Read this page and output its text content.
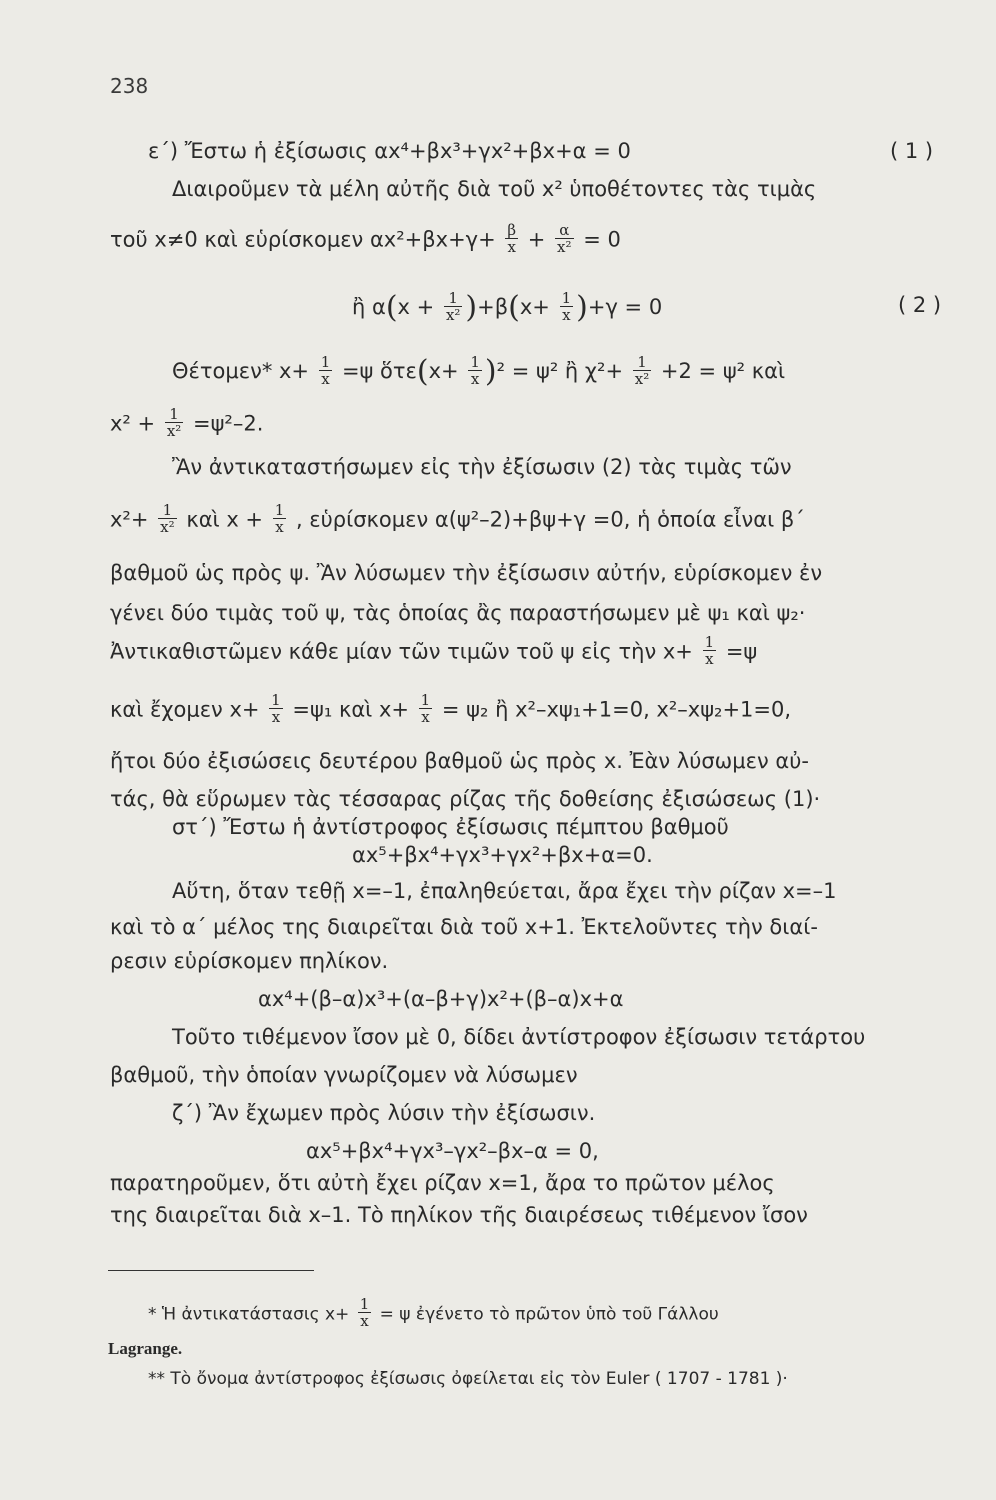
238
ε΄) Ἔστω ἡ ἐξίσωσις αx⁴+βx³+γx²+βx+α = 0	( 1 )
Διαιροῦμεν τὰ μέλη αὐτῆς διὰ τοῦ x² ὑποθέτοντες τὰς τιμὰς
τοῦ x≠0 καὶ εὑρίσκομεν $\alpha x^2+\beta x+\gamma+ \frac{\beta}{x} + \frac{\alpha}{\text{x²}} = 0$
ἢ $\alpha(x + \frac{1}{\text{x²}} )+\beta(x+ \frac{1}{x} )+\gamma = 0$	( 2 )
Θέτομεν* $x+ \frac{1}{x} =\psi$ ὅτε(x+ $\frac{1}{x} )^2 = \psi^2$ ἢ $\chi^2+ \frac{1}{\text{x²}} +2 = \psi^2$ καὶ
$x^2 + \frac{1}{\text{x²}} =\psi^2-2$.
Ἂν ἀντικαταστήσωμεν εἰς τὴν ἐξίσωσιν (2) τὰς τιμὰς τῶν
$x^2+ \frac{1}{\text{x²}}$ καὶ $x + \frac{1}{x}$ , εὑρίσκομεν α(ψ²–2)+βψ+γ =0, ἡ ὁποία εἶναι β΄
βαθμοῦ ὡς πρὸς ψ. Ἂν λύσωμεν τὴν ἐξίσωσιν αὐτήν, εὑρίσκομεν ἐν
γένει δύο τιμὰς τοῦ ψ, τὰς ὁποίας ἂς παραστήσωμεν μὲ ψ₁ καὶ ψ₂·
Ἀντικαθιστῶμεν κάθε μίαν τῶν τιμῶν τοῦ ψ εἰς τὴν $x+ \frac{1}{x} =\psi$
καὶ ἔχομεν $x+ \frac{1}{x} =\psi_1$ καὶ $x+ \frac{1}{x} = \psi_2$ ἢ x²–xψ₁+1=0, x²–xψ₂+1=0,
ἤτοι δύο ἐξισώσεις δευτέρου βαθμοῦ ὡς πρὸς x. Ἐὰν λύσωμεν αὐ-
τάς, θὰ εὕρωμεν τὰς τέσσαρας ρίζας τῆς δοθείσης ἐξισώσεως (1)·
στ΄) Ἔστω ἡ ἀντίστροφος ἐξίσωσις πέμπτου βαθμοῦ
αx⁵+βx⁴+γx³+γx²+βx+α=0.
Αὕτη, ὅταν τεθῇ x=–1, ἐπαληθεύεται, ἄρα ἔχει τὴν ρίζαν x=–1
καὶ τὸ α΄ μέλος της διαιρεῖται διὰ τοῦ x+1. Ἐκτελοῦντες τὴν διαί-
ρεσιν εὑρίσκομεν πηλίκον.
αx⁴+(β–α)x³+(α–β+γ)x²+(β–α)x+α
Τοῦτο τιθέμενον ἴσον μὲ 0, δίδει ἀντίστροφον ἐξίσωσιν τετάρτου
βαθμοῦ, τὴν ὁποίαν γνωρίζομεν νὰ λύσωμεν
ζ΄) Ἂν ἔχωμεν πρὸς λύσιν τὴν ἐξίσωσιν.
αx⁵+βx⁴+γx³–γx²–βx–α = 0,
παρατηροῦμεν, ὅτι αὐτὴ ἔχει ρίζαν x=1, ἄρα το πρῶτον μέλος
της διαιρεῖται διὰ x–1. Τὸ πηλίκον τῆς διαιρέσεως τιθέμενον ἴσον
* Ἡ ἀντικατάστασις $x+ \frac{1}{x} = \psi$ ἐγένετο τὸ πρῶτον ὑπὸ τοῦ Γάλλου
Lagrange.
** Τὸ ὄνομα ἀντίστροφος ἐξίσωσις ὀφείλεται εἰς τὸν Euler ( 1707 - 1781 )·
